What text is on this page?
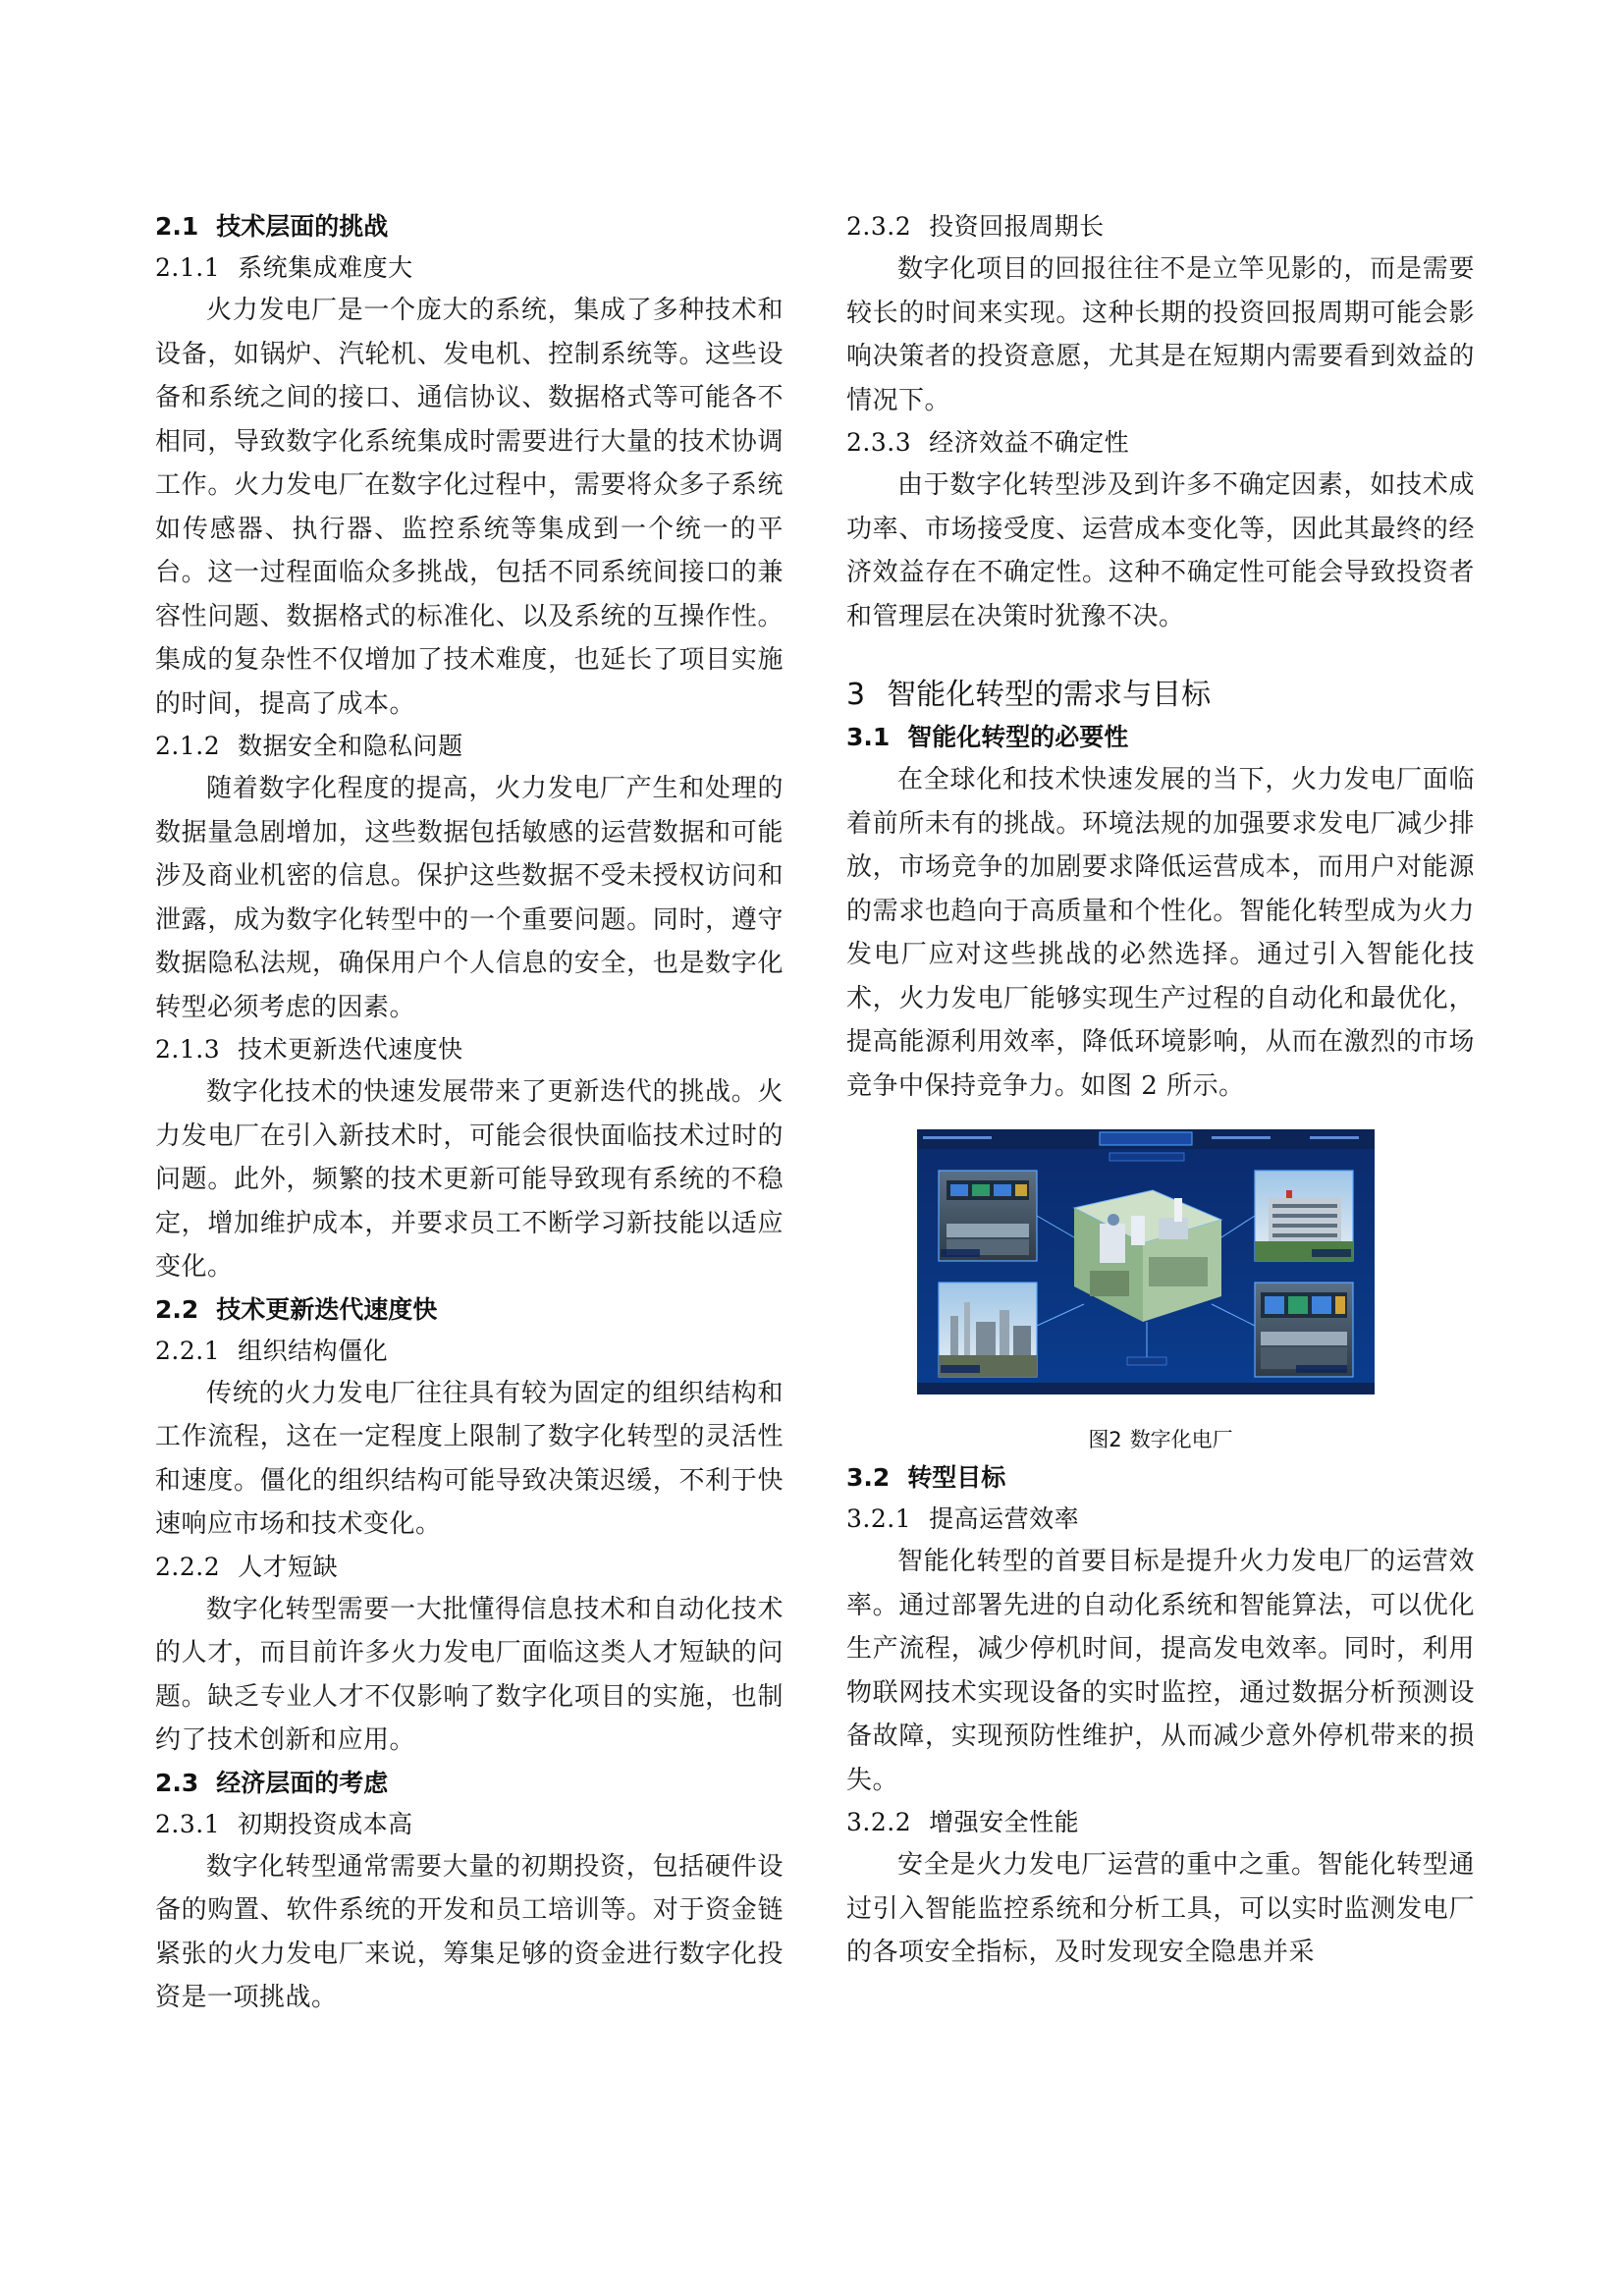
2.1 技术层面的挑战
2.1.1 系统集成难度大

火力发电厂是一个庞大的系统，集成了多种技术和设备，如锅炉、汽轮机、发电机、控制系统等。这些设备和系统之间的接口、通信协议、数据格式等可能各不相同，导致数字化系统集成时需要进行大量的技术协调工作。火力发电厂在数字化过程中，需要将众多子系统如传感器、执行器、监控系统等集成到一个统一的平台。这一过程面临众多挑战，包括不同系统间接口的兼容性问题、数据格式的标准化、以及系统的互操作性。集成的复杂性不仅增加了技术难度，也延长了项目实施的时间，提高了成本。

2.1.2 数据安全和隐私问题

随着数字化程度的提高，火力发电厂产生和处理的数据量急剧增加，这些数据包括敏感的运营数据和可能涉及商业机密的信息。保护这些数据不受未授权访问和泄露，成为数字化转型中的一个重要问题。同时，遵守数据隐私法规，确保用户个人信息的安全，也是数字化转型必须考虑的因素。

2.1.3 技术更新迭代速度快

数字化技术的快速发展带来了更新迭代的挑战。火力发电厂在引入新技术时，可能会很快面临技术过时的问题。此外，频繁的技术更新可能导致现有系统的不稳定，增加维护成本，并要求员工不断学习新技能以适应变化。

2.2 技术更新迭代速度快
2.2.1 组织结构僵化

传统的火力发电厂往往具有较为固定的组织结构和工作流程，这在一定程度上限制了数字化转型的灵活性和速度。僵化的组织结构可能导致决策迟缓，不利于快速响应市场和技术变化。

2.2.2 人才短缺

数字化转型需要一大批懂得信息技术和自动化技术的人才，而目前许多火力发电厂面临这类人才短缺的问题。缺乏专业人才不仅影响了数字化项目的实施，也制约了技术创新和应用。

2.3 经济层面的考虑
2.3.1 初期投资成本高

数字化转型通常需要大量的初期投资，包括硬件设备的购置、软件系统的开发和员工培训等。对于资金链紧张的火力发电厂来说，筹集足够的资金进行数字化投资是一项挑战。

2.3.2 投资回报周期长

数字化项目的回报往往不是立竿见影的，而是需要较长的时间来实现。这种长期的投资回报周期可能会影响决策者的投资意愿，尤其是在短期内需要看到效益的情况下。

2.3.3 经济效益不确定性

由于数字化转型涉及到许多不确定因素，如技术成功率、市场接受度、运营成本变化等，因此其最终的经济效益存在不确定性。这种不确定性可能会导致投资者和管理层在决策时犹豫不决。

3 智能化转型的需求与目标
3.1 智能化转型的必要性

在全球化和技术快速发展的当下，火力发电厂面临着前所未有的挑战。环境法规的加强要求发电厂减少排放，市场竞争的加剧要求降低运营成本，而用户对能源的需求也趋向于高质量和个性化。智能化转型成为火力发电厂应对这些挑战的必然选择。通过引入智能化技术，火力发电厂能够实现生产过程的自动化和最优化，提高能源利用效率，降低环境影响，从而在激烈的市场竞争中保持竞争力。如图 2 所示。

图2 数字化电厂
3.2 转型目标
3.2.1 提高运营效率

智能化转型的首要目标是提升火力发电厂的运营效率。通过部署先进的自动化系统和智能算法，可以优化生产流程，减少停机时间，提高发电效率。同时，利用物联网技术实现设备的实时监控，通过数据分析预测设备故障，实现预防性维护，从而减少意外停机带来的损失。

3.2.2 增强安全性能

安全是火力发电厂运营的重中之重。智能化转型通过引入智能监控系统和分析工具，可以实时监测发电厂的各项安全指标，及时发现安全隐患并采
